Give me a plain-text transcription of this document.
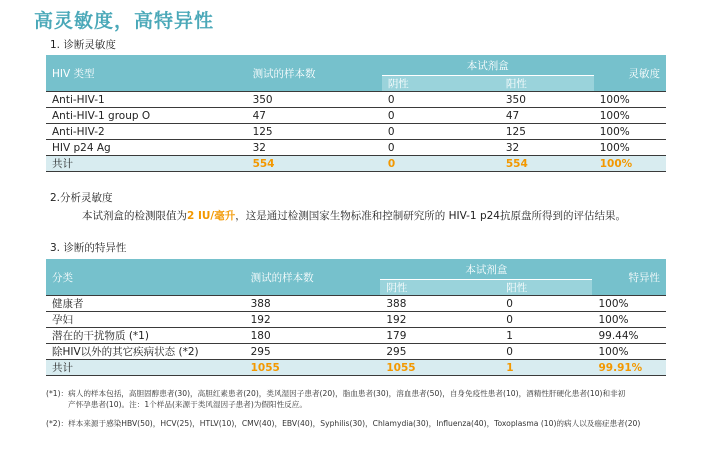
高灵敏度，高特异性
1. 诊断灵敏度
HIV 类型	测试的样本数	本试剂盒		灵敏度
		阴性	阳性	
Anti-HIV-1	350	0	350	100%
Anti-HIV-1 group O	47	0	47	100%
Anti-HIV-2	125	0	125	100%
HIV p24 Ag	32	0	32	100%
共计	554	0	554	100%
2.分析灵敏度
本试剂盒的检测限值为2 IU/毫升，这是通过检测国家生物标准和控制研究所的 HIV-1 p24抗原盘所得到的评估结果。
3. 诊断的特异性
分类	测试的样本数	本试剂盒		特异性
		阴性	阳性	
健康者	388	388	0	100%
孕妇	192	192	0	100%
潜在的干扰物质 (*1)	180	179	1	99.44%
除HIV以外的其它疾病状态 (*2)	295	295	0	100%
共计	1055	1055	1	99.91%
(*1)：病人的样本包括，高胆固醇患者(30)，高胆红素患者(20)，类风湿因子患者(20)，脂血患者(30)，溶血患者(50)，自身免疫性患者(10)，酒精性肝硬化患者(10)和非初
产怀孕患者(10)。注：1个样品(来源于类风湿因子患者)为假阳性反应。
(*2)：样本来源于感染HBV(50)，HCV(25)，HTLV(10)，CMV(40)，EBV(40)，Syphilis(30)，Chlamydia(30)，Influenza(40)，Toxoplasma (10)的病人以及癌症患者(20)
